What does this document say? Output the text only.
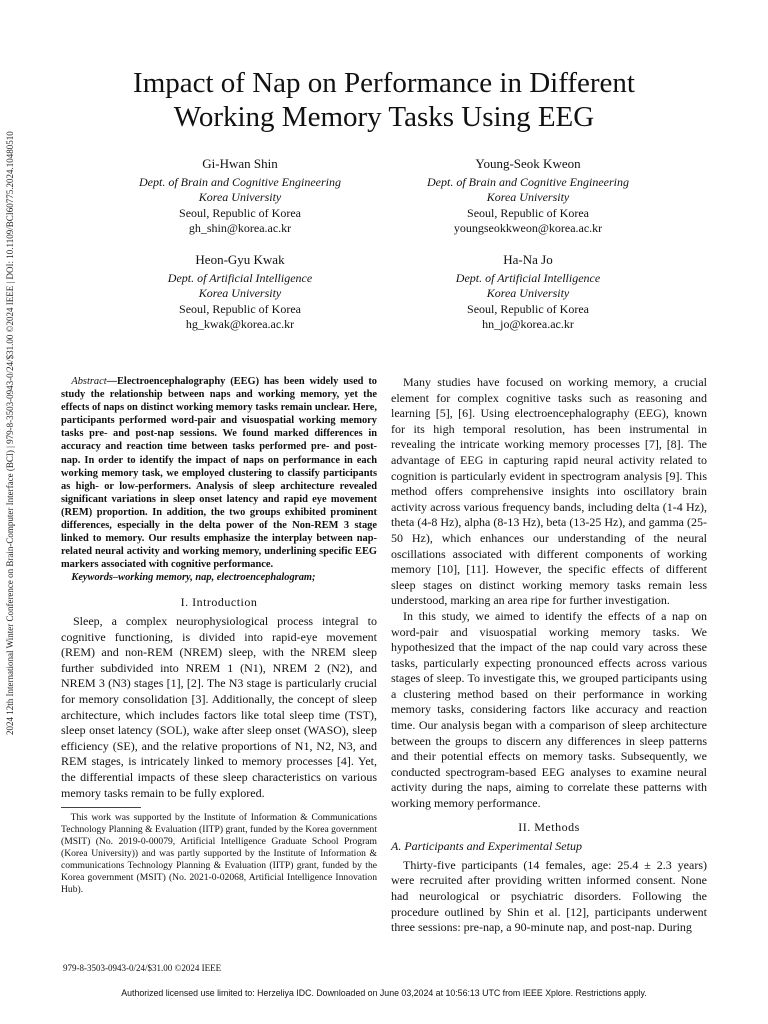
2024 12th International Winter Conference on Brain-Computer Interface (BCI) | 979-8-3503-0943-0/24/$31.00 ©2024 IEEE | DOI: 10.1109/BCI60775.2024.10480510
Impact of Nap on Performance in Different
Working Memory Tasks Using EEG
Gi-Hwan Shin
Dept. of Brain and Cognitive Engineering
Korea University
Seoul, Republic of Korea
gh_shin@korea.ac.kr
Young-Seok Kweon
Dept. of Brain and Cognitive Engineering
Korea University
Seoul, Republic of Korea
youngseokkweon@korea.ac.kr
Heon-Gyu Kwak
Dept. of Artificial Intelligence
Korea University
Seoul, Republic of Korea
hg_kwak@korea.ac.kr
Ha-Na Jo
Dept. of Artificial Intelligence
Korea University
Seoul, Republic of Korea
hn_jo@korea.ac.kr
Abstract—Electroencephalography (EEG) has been widely used to study the relationship between naps and working memory, yet the effects of naps on distinct working memory tasks remain unclear. Here, participants performed word-pair and visuospatial working memory tasks pre- and post-nap sessions. We found marked differences in accuracy and reaction time between tasks performed pre- and post-nap. In order to identify the impact of naps on performance in each working memory task, we employed clustering to classify participants as high- or low-performers. Analysis of sleep architecture revealed significant variations in sleep onset latency and rapid eye movement (REM) proportion. In addition, the two groups exhibited prominent differences, especially in the delta power of the Non-REM 3 stage linked to memory. Our results emphasize the interplay between nap-related neural activity and working memory, underlining specific EEG markers associated with cognitive performance.
Keywords–working memory, nap, electroencephalogram;
I. Introduction

Sleep, a complex neurophysiological process integral to cognitive functioning, is divided into rapid-eye movement (REM) and non-REM (NREM) sleep, with the NREM sleep further subdivided into NREM 1 (N1), NREM 2 (N2), and NREM 3 (N3) stages [1], [2]. The N3 stage is particularly crucial for memory consolidation [3]. Additionally, the concept of sleep architecture, which includes factors like total sleep time (TST), sleep onset latency (SOL), wake after sleep onset (WASO), sleep efficiency (SE), and the relative proportions of N1, N2, N3, and REM stages, is intricately linked to memory processes [4]. Yet, the differential impacts of these sleep characteristics on various memory tasks remain to be fully explored.

This work was supported by the Institute of Information & Communications Technology Planning & Evaluation (IITP) grant, funded by the Korea government (MSIT) (No. 2019-0-00079, Artificial Intelligence Graduate School Program (Korea University)) and was partly supported by the Institute of Information & communications Technology Planning & Evaluation (IITP) grant, funded by the Korea government (MSIT) (No. 2021-0-02068, Artificial Intelligence Innovation Hub).

Many studies have focused on working memory, a crucial element for complex cognitive tasks such as reasoning and learning [5], [6]. Using electroencephalography (EEG), known for its high temporal resolution, has been instrumental in revealing the intricate working memory processes [7], [8]. The advantage of EEG in capturing rapid neural activity related to cognition is particularly evident in spectrogram analysis [9]. This method offers comprehensive insights into oscillatory brain activity across various frequency bands, including delta (1-4 Hz), theta (4-8 Hz), alpha (8-13 Hz), beta (13-25 Hz), and gamma (25-50 Hz), which enhances our understanding of the neural oscillations associated with different components of working memory [10], [11]. However, the specific effects of different sleep stages on distinct working memory tasks remain less understood, marking an area ripe for further investigation.

In this study, we aimed to identify the effects of a nap on word-pair and visuospatial working memory tasks. We hypothesized that the impact of the nap could vary across these tasks, particularly expecting pronounced effects across various stages of sleep. To investigate this, we grouped participants using a clustering method based on their performance in working memory tasks, considering factors like accuracy and reaction time. Our analysis began with a comparison of sleep architecture between the groups to discern any differences in sleep patterns and their potential effects on memory tasks. Subsequently, we conducted spectrogram-based EEG analyses to examine neural activity during the naps, aiming to correlate these patterns with working memory performance.

II. Methods
A. Participants and Experimental Setup

Thirty-five participants (14 females, age: 25.4 ± 2.3 years) were recruited after providing written informed consent. None had neurological or psychiatric disorders. Following the procedure outlined by Shin et al. [12], participants underwent three sessions: pre-nap, a 90-minute nap, and post-nap. During

979-8-3503-0943-0/24/$31.00 ©2024 IEEE
Authorized licensed use limited to: Herzeliya IDC. Downloaded on June 03,2024 at 10:56:13 UTC from IEEE Xplore. Restrictions apply.
